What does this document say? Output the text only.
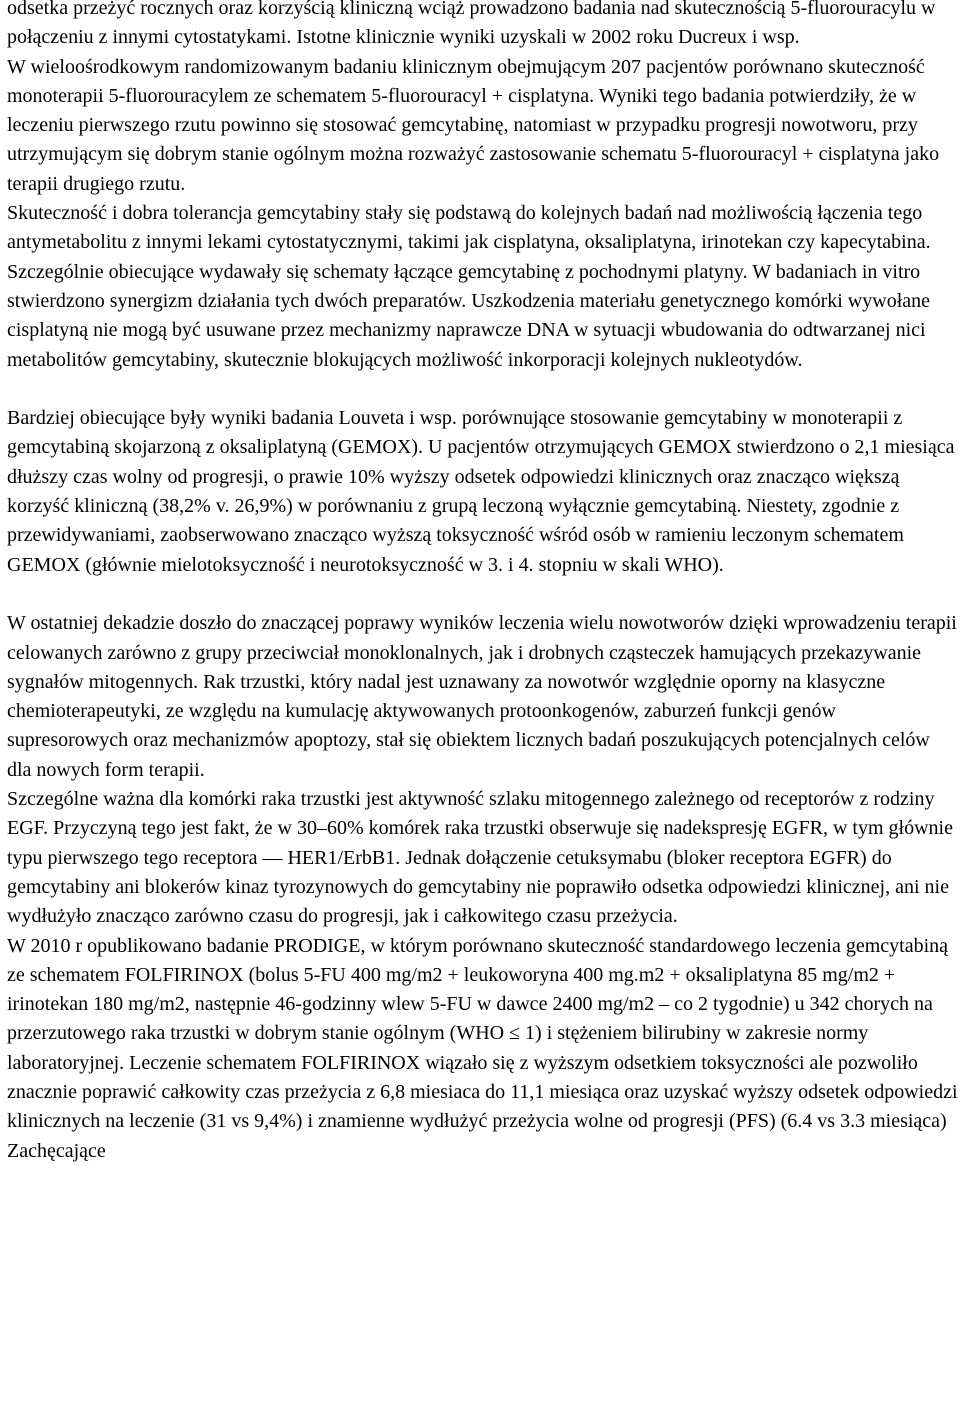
odsetka przeżyć rocznych oraz korzyścią kliniczną wciąż prowadzono badania nad skutecznością 5-fluorouracylu w połączeniu z innymi cytostatykami. Istotne klinicznie wyniki uzyskali w 2002 roku Ducreux i wsp.

W wieloośrodkowym randomizowanym badaniu klinicznym obejmującym 207 pacjentów porównano skuteczność monoterapii 5-fluorouracylem ze schematem 5-fluorouracyl + cisplatyna. Wyniki tego badania potwierdziły, że w leczeniu pierwszego rzutu powinno się stosować gemcytabinę, natomiast w przypadku progresji nowotworu, przy utrzymującym się dobrym stanie ogólnym można rozważyć zastosowanie schematu 5-fluorouracyl + cisplatyna jako terapii drugiego rzutu.

Skuteczność i dobra tolerancja gemcytabiny stały się podstawą do kolejnych badań nad możliwością łączenia tego antymetabolitu z innymi lekami cytostatycznymi, takimi jak cisplatyna, oksaliplatyna, irinotekan czy kapecytabina. Szczególnie obiecujące wydawały się schematy łączące gemcytabinę z pochodnymi platyny. W badaniach in vitro stwierdzono synergizm działania tych dwóch preparatów. Uszkodzenia materiału genetycznego komórki wywołane cisplatyną nie mogą być usuwane przez mechanizmy naprawcze DNA w sytuacji wbudowania do odtwarzanej nici metabolitów gemcytabiny, skutecznie blokujących możliwość inkorporacji kolejnych nukleotydów.

Bardziej obiecujące były wyniki badania Louveta i wsp. porównujące stosowanie gemcytabiny w monoterapii z gemcytabiną skojarzoną z oksaliplatyną (GEMOX). U pacjentów otrzymujących GEMOX stwierdzono o 2,1 miesiąca dłuższy czas wolny od progresji, o prawie 10% wyższy odsetek odpowiedzi klinicznych oraz znacząco większą korzyść kliniczną (38,2% v. 26,9%) w porównaniu z grupą leczoną wyłącznie gemcytabiną. Niestety, zgodnie z przewidywaniami, zaobserwowano znacząco wyższą toksyczność wśród osób w ramieniu leczonym schematem GEMOX (głównie mielotoksyczność i neurotoksyczność w 3. i 4. stopniu w skali WHO).

W ostatniej dekadzie doszło do znaczącej poprawy wyników leczenia wielu nowotworów dzięki wprowadzeniu terapii celowanych zarówno z grupy przeciwciał monoklonalnych, jak i drobnych cząsteczek hamujących przekazywanie sygnałów mitogennych. Rak trzustki, który nadal jest uznawany za nowotwór względnie oporny na klasyczne chemioterapeutyki, ze względu na kumulację aktywowanych protoonkogenów, zaburzeń funkcji genów supresorowych oraz mechanizmów apoptozy, stał się obiektem licznych badań poszukujących potencjalnych celów dla nowych form terapii.

Szczególne ważna dla komórki raka trzustki jest aktywność szlaku mitogennego zależnego od receptorów z rodziny EGF. Przyczyną tego jest fakt, że w 30–60% komórek raka trzustki obserwuje się nadekspresję EGFR, w tym głównie typu pierwszego tego receptora — HER1/ErbB1. Jednak dołączenie cetuksymabu (bloker receptora EGFR) do gemcytabiny ani blokerów kinaz tyrozynowych do gemcytabiny nie poprawiło odsetka odpowiedzi klinicznej, ani nie wydłużyło znacząco zarówno czasu do progresji, jak i całkowitego czasu przeżycia.

W 2010 r opublikowano badanie PRODIGE, w którym porównano skuteczność standardowego leczenia gemcytabiną ze schematem FOLFIRINOX (bolus 5-FU 400 mg/m2 + leukoworyna 400 mg.m2 + oksaliplatyna 85 mg/m2 + irinotekan 180 mg/m2, następnie 46-godzinny wlew 5-FU w dawce 2400 mg/m2 – co 2 tygodnie) u 342 chorych na przerzutowego raka trzustki w dobrym stanie ogólnym (WHO ≤ 1) i stężeniem bilirubiny w zakresie normy laboratoryjnej. Leczenie schematem FOLFIRINOX wiązało się z wyższym odsetkiem toksyczności ale pozwoliło znacznie poprawić całkowity czas przeżycia z 6,8 miesiaca do 11,1 miesiąca oraz uzyskać wyższy odsetek odpowiedzi klinicznych na leczenie (31 vs 9,4%) i znamienne wydłużyć przeżycia wolne od progresji (PFS) (6.4 vs 3.3 miesiąca) Zachęcające
